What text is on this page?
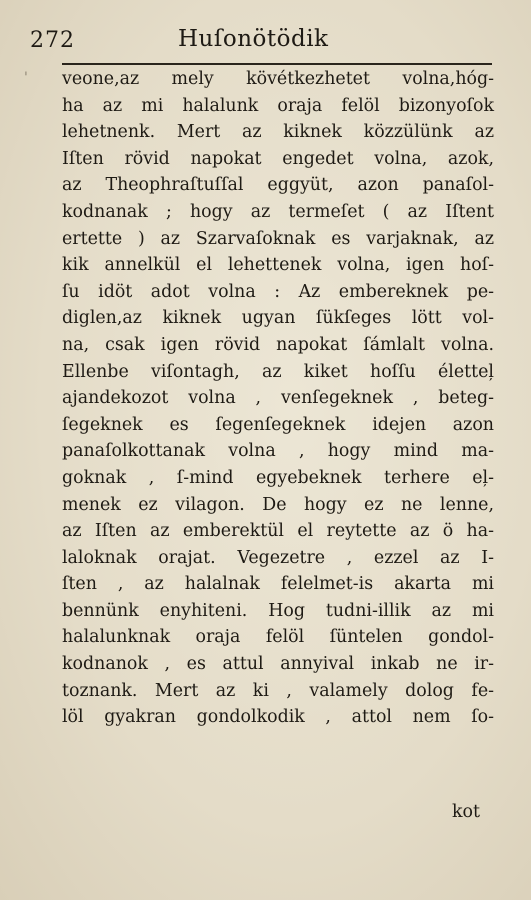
'
272	Huſonötödik
veone,az mely kövétkezhetet volna,hóg-
ha az mi halalunk oraja felöl bizonyoſok
lehetnenk. Mert az kiknek közzülünk az
Iſten rövid napokat engedet volna, azok,
az Theophraſtuſſal eggyüt, azon panaſol-
kodnanak ; hogy az termeſet ( az Iſtent
ertette ) az Szarvaſoknak es varjaknak, az
kik annelkül el lehettenek volna, igen hoſ-
ſu idöt adot volna : Az embereknek pe-
diglen,az kiknek ugyan ſükſeges lött vol-
na, csak igen rövid napokat ſámlalt volna.
Ellenbe viſontagh, az kiket hoſſu életteļ
ajandekozot volna , venſegeknek , beteg-
ſegeknek es ſegenſegeknek idejen azon
panaſolkottanak volna , hogy mind ma-
goknak , ſ-mind egyebeknek terhere eļ-
menek ez vilagon. De hogy ez ne lenne,
az Iſten az emberektül el reytette az ö ha-
laloknak orajat. Vegezetre , ezzel az I-
ſten , az halalnak felelmet-is akarta mi
bennünk enyhiteni. Hog tudni-illik az mi
halalunknak oraja felöl ſüntelen gondol-
kodnanok , es attul annyival inkab ne ir-
toznank. Mert az ki , valamely dolog fe-
löl gyakran gondolkodik , attol nem ſo-
kot
